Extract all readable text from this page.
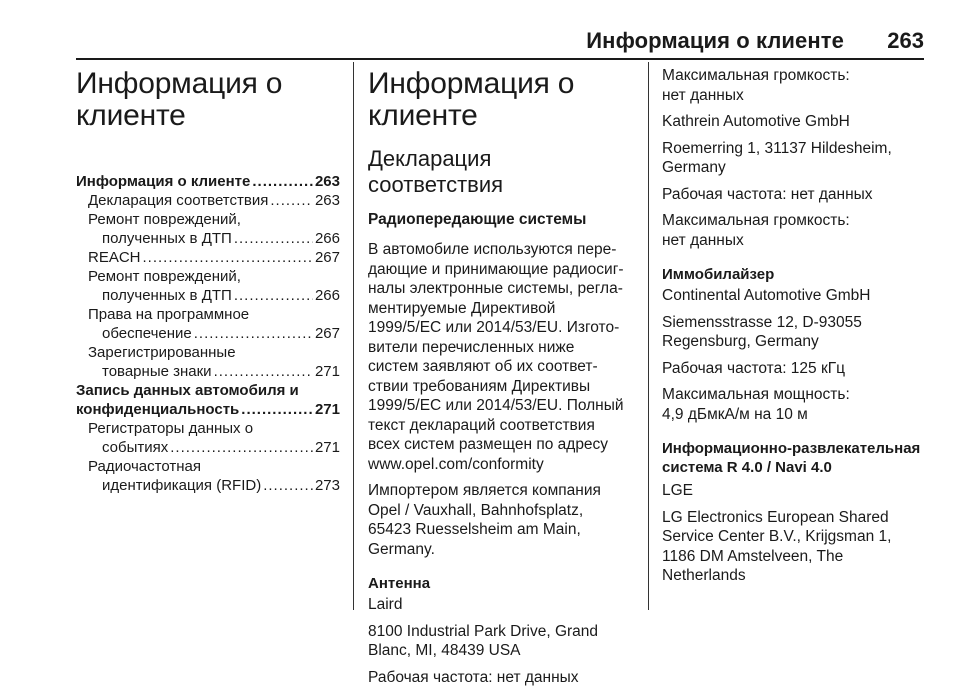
Информация о клиенте 263
Информация о
клиенте
Информация о клиенте .....	263
Декларация соответствия .....	263
Ремонт повреждений,
полученных в ДТП .....	266
REACH .....	267
Ремонт повреждений,
полученных в ДТП .....	266
Права на программное
обеспечение .....	267
Зарегистрированные
товарные знаки .....	271
Запись данных автомобиля и
конфиденциальность .....	271
Регистраторы данных о
событиях .....	271
Радиочастотная
идентификация (RFID) .....	273
Информация о
клиенте
Декларация соответствия
Радиопередающие системы

В автомобиле используются пере-
дающие и принимающие радиосиг-
налы электронные системы, регла-
ментируемые Директивой
1999/5/ЕС или 2014/53/EU. Изгото-
вители перечисленных ниже
систем заявляют об их соответ-
ствии требованиям Директивы
1999/5/ЕС или 2014/53/EU. Полный
текст деклараций соответствия
всех систем размещен по адресу
www.opel.com/conformity

Импортером является компания
Opel / Vauxhall, Bahnhofsplatz,
65423 Ruesselsheim am Main,
Germany.

Антенна

Laird

8100 Industrial Park Drive, Grand
Blanc, MI, 48439 USA

Рабочая частота: нет данных

Максимальная громкость:
нет данных

Kathrein Automotive GmbH

Roemerring 1, 31137 Hildesheim,
Germany

Рабочая частота: нет данных

Максимальная громкость:
нет данных

Иммобилайзер

Continental Automotive GmbH

Siemensstrasse 12, D-93055
Regensburg, Germany

Рабочая частота: 125 кГц

Максимальная мощность:
4,9 дБмкА/м на 10 м

Информационно-развлекательная
система R 4.0 / Navi 4.0

LGE

LG Electronics European Shared
Service Center B.V., Krijgsman 1,
1186 DM Amstelveen, The
Netherlands
